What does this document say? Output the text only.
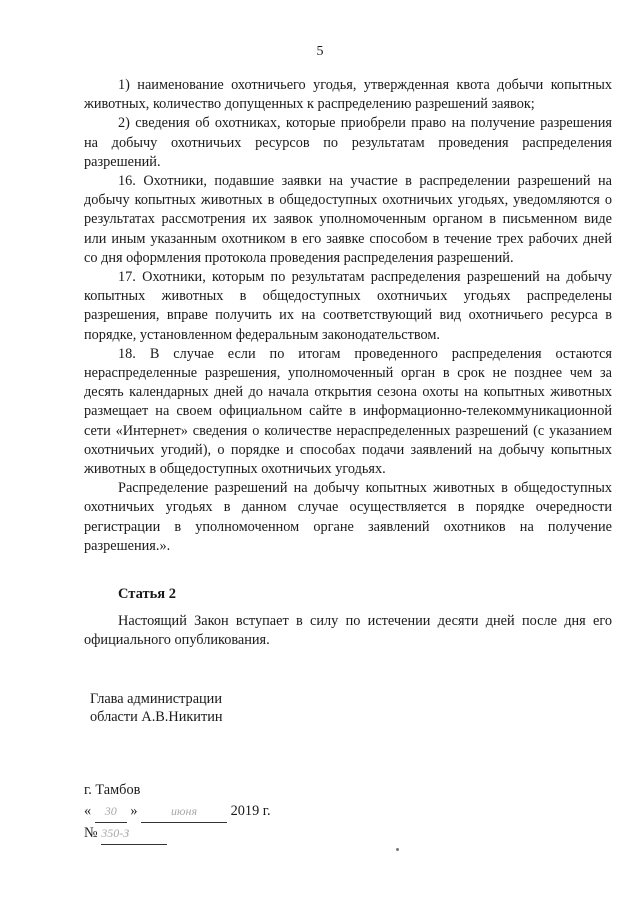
5

1) наименование охотничьего угодья, утвержденная квота добычи копытных животных, количество допущенных к распределению разрешений заявок;

2) сведения об охотниках, которые приобрели право на получение разрешения на добычу охотничьих ресурсов по результатам проведения распределения разрешений.

16. Охотники, подавшие заявки на участие в распределении разрешений на добычу копытных животных в общедоступных охотничьих угодьях, уведомляются о результатах рассмотрения их заявок уполномоченным органом в письменном виде или иным указанным охотником в его заявке способом в течение трех рабочих дней со дня оформления протокола проведения распределения разрешений.

17. Охотники, которым по результатам распределения разрешений на добычу копытных животных в общедоступных охотничьих угодьях распределены разрешения, вправе получить их на соответствующий вид охотничьего ресурса в порядке, установленном федеральным законодательством.

18. В случае если по итогам проведенного распределения остаются нераспределенные разрешения, уполномоченный орган в срок не позднее чем за десять календарных дней до начала открытия сезона охоты на копытных животных размещает на своем официальном сайте в информационно-телекоммуникационной сети «Интернет» сведения о количестве нераспределенных разрешений (с указанием охотничьих угодий), о порядке и способах подачи заявлений на добычу копытных животных в общедоступных охотничьих угодьях.

Распределение разрешений на добычу копытных животных в общедоступных охотничьих угодьях в данном случае осуществляется в порядке очередности регистрации в уполномоченном органе заявлений охотников на получение разрешения.».

Статья 2
Настоящий Закон вступает в силу по истечении десяти дней после дня его официального опубликования.
Глава администрации
области А.В.Никитин
г. Тамбов
« 30 »	июня 2019 г.
№ 350-З
